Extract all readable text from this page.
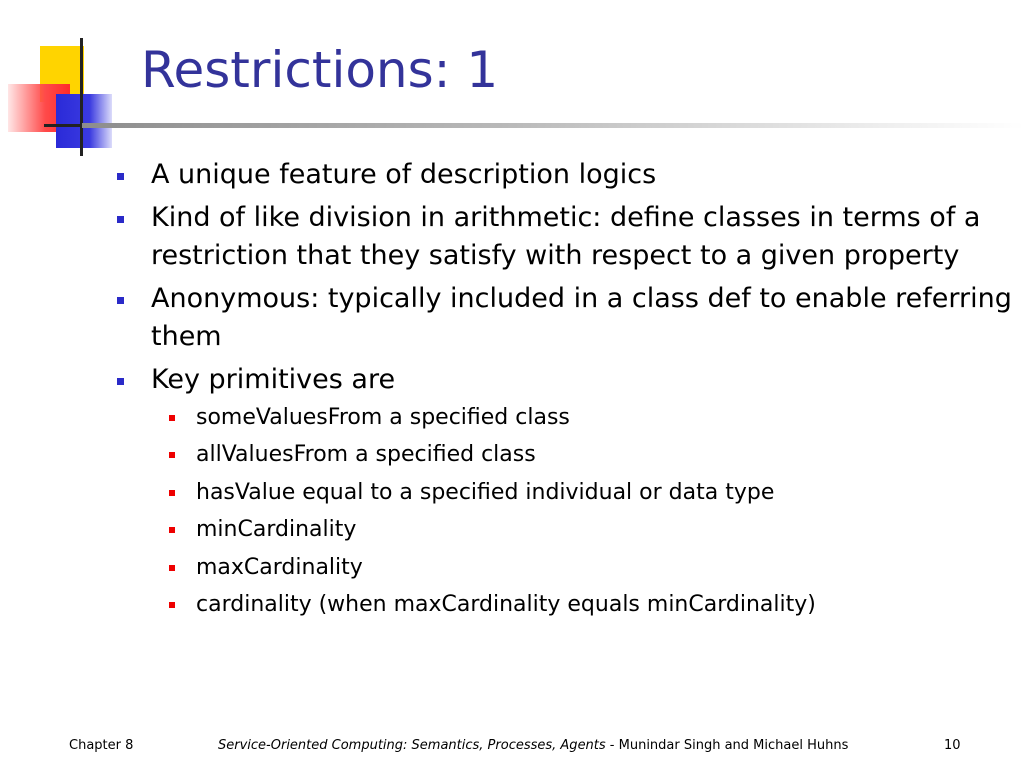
Restrictions: 1
A unique feature of description logics
Kind of like division in arithmetic: define classes in terms of a restriction that they satisfy with respect to a given property
Anonymous: typically included in a class def to enable referring them
Key primitives are
someValuesFrom a specified class
allValuesFrom a specified class
hasValue equal to a specified individual or data type
minCardinality
maxCardinality
cardinality (when maxCardinality equals minCardinality)
Chapter 8	Service-Oriented Computing: Semantics, Processes, Agents - Munindar Singh and Michael Huhns	10
